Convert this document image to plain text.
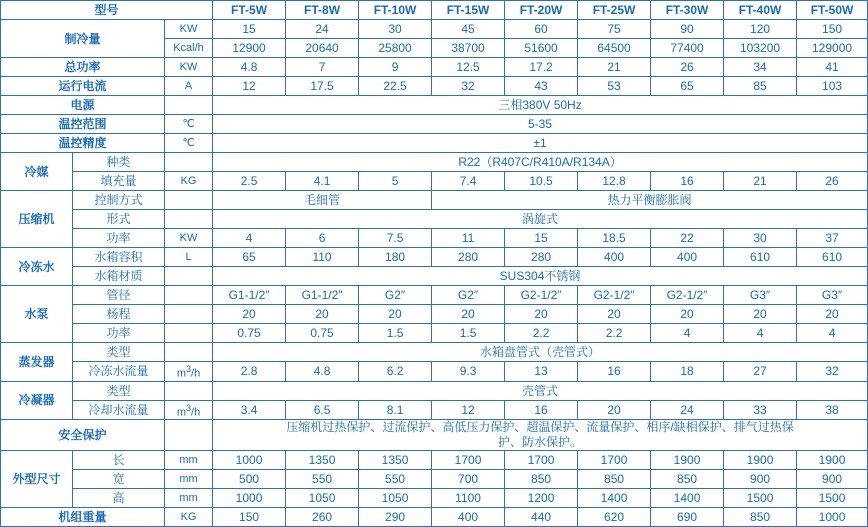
型号			FT-5W	FT-8W	FT-10W	FT-15W	FT-20W	FT-25W	FT-30W	FT-40W	FT-50W
制冷量		KW	15	24	30	45	60	75	90	120	150
		Kcal/h	12900	20640	25800	38700	51600	64500	77400	103200	129000
总功率		KW	4.8	7	9	12.5	17.2	21	26	34	41
运行电流		A	12	17.5	22.5	32	43	53	65	85	103
电源			三相380V 50Hz								
温控范围		℃	5-35								
温控精度		℃	±1								
冷媒	种类		R22（R407C/R410A/R134A）								
	填充量	KG	2.5	4.1	5	7.4	10.5	12.8	16	21	26
压缩机	控制方式		毛细管			热力平衡膨胀阀					
	形式		涡旋式								
	功率	KW	4	6	7.5	11	15	18.5	22	30	37
冷冻水	水箱容积	L	65	110	180	280	280	400	400	610	610
	水箱材质		SUS304不锈钢								
水泵	管径		G1-1/2″	G1-1/2″	G2″	G2″	G2-1/2″	G2-1/2″	G2-1/2″	G3″	G3″
	杨程		20	20	20	20	20	20	20	20	20
	功率		0.75	0.75	1.5	1.5	2.2	2.2	4	4	4
蒸发器	类型		水箱盘管式（壳管式）								
	冷冻水流量	$m^3/h$	2.8	4.8	6.2	9.3	13	16	18	27	32
冷凝器	类型		壳管式								
	冷却水流量	$m^3/h$	3.4	6.5	8.1	12	16	20	24	33	38
安全保护			压缩机过热保护、过流保护、高低压力保护、超温保护、流量保护、相序/缺相保护、排气过热保
护、防水保护。								
外型尺寸	长	mm	1000	1350	1350	1700	1700	1700	1900	1900	1900
	宽	mm	500	550	550	700	850	850	850	900	900
	高	mm	1000	1050	1050	1100	1200	1400	1400	1500	1500
机组重量		KG	150	260	290	400	440	620	690	850	1000
